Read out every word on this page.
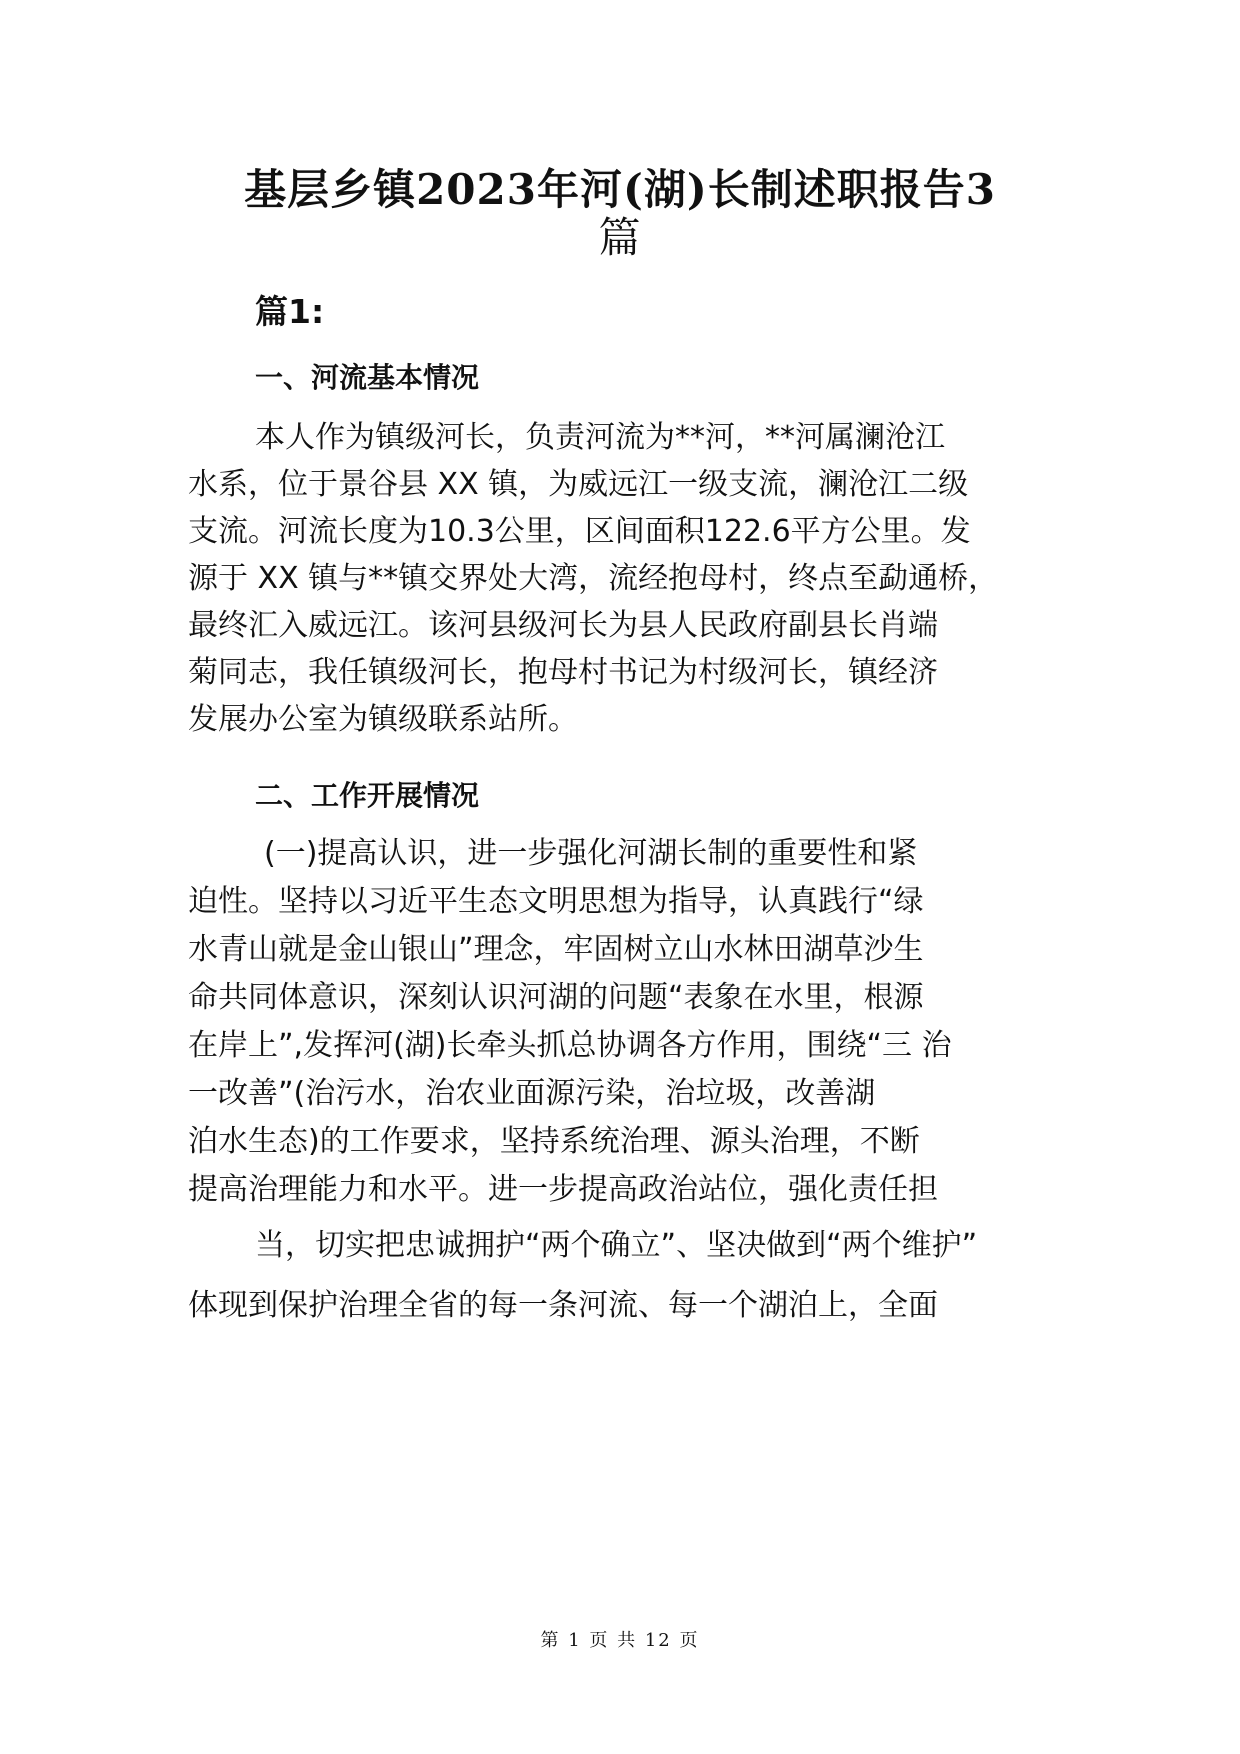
基层乡镇2023年河(湖)长制述职报告3
篇
篇1:
一、河流基本情况
本人作为镇级河长，负责河流为**河，**河属澜沧江
水系，位于景谷县 XX 镇，为威远江一级支流，澜沧江二级
支流。河流长度为10.3公里，区间面积122.6平方公里。发
源于 XX 镇与**镇交界处大湾，流经抱母村，终点至勐通桥，
最终汇入威远江。该河县级河长为县人民政府副县长肖端
菊同志，我任镇级河长，抱母村书记为村级河长，镇经济
发展办公室为镇级联系站所。
二、工作开展情况
(一)提高认识，进一步强化河湖长制的重要性和紧
迫性。坚持以习近平生态文明思想为指导，认真践行“绿
水青山就是金山银山”理念，牢固树立山水林田湖草沙生
命共同体意识，深刻认识河湖的问题“表象在水里，根源
在岸上”,发挥河(湖)长牵头抓总协调各方作用，围绕“三 治
一改善”(治污水，治农业面源污染，治垃圾，改善湖
泊水生态)的工作要求，坚持系统治理、源头治理，不断
提高治理能力和水平。进一步提高政治站位，强化责任担
当，切实把忠诚拥护“两个确立”、坚决做到“两个维护”
体现到保护治理全省的每一条河流、每一个湖泊上，全面
第 1 页 共 12 页
